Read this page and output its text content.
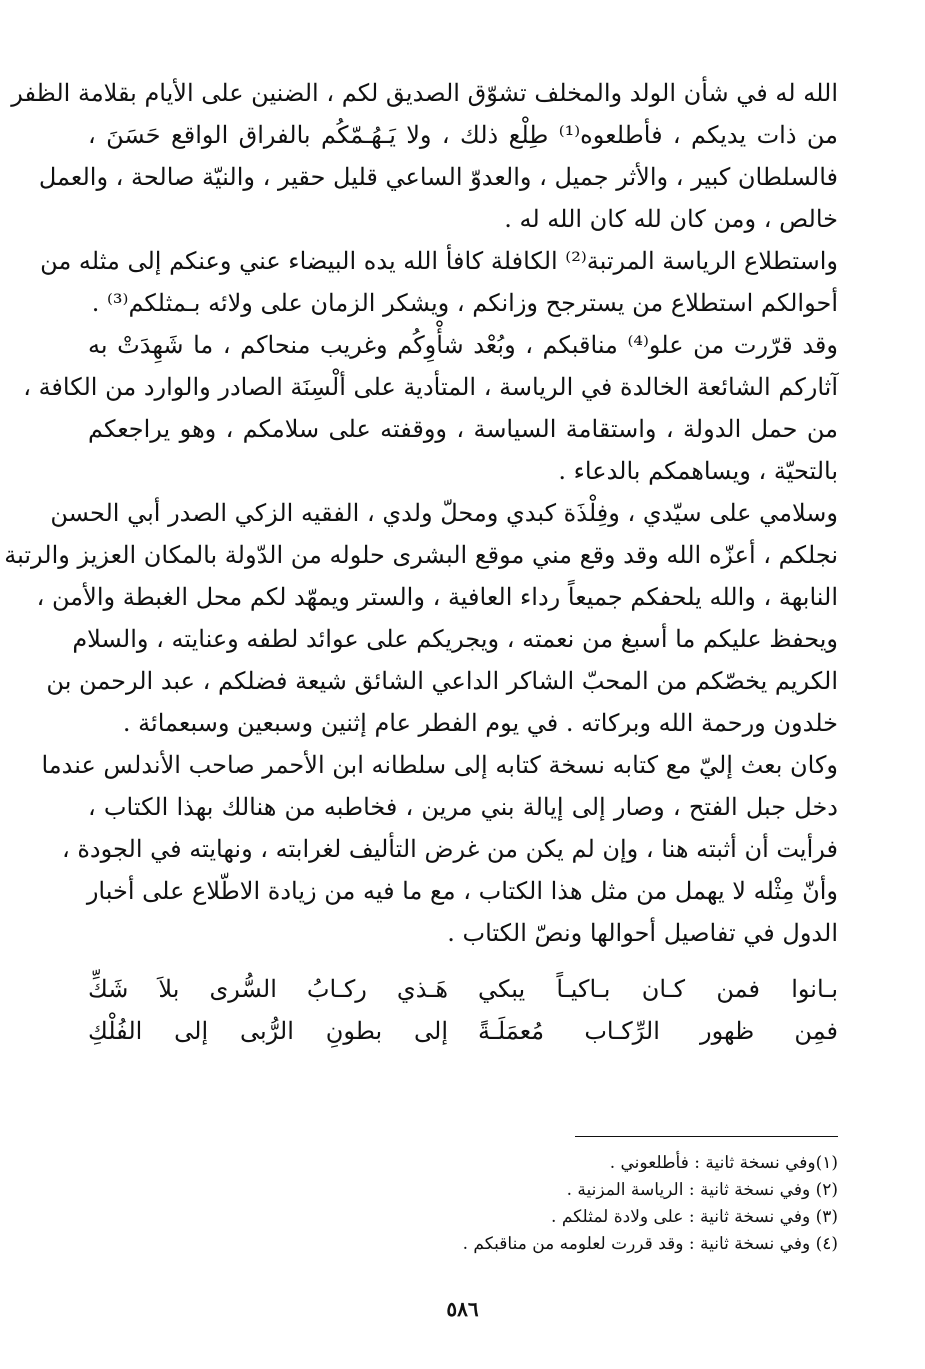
الله له في شأن الولد والمخلف تشوّق الصديق لكم ، الضنين على الأيام بقلامة الظفر
من ذات يديكم ، فأطلعوه⁽¹⁾ طِلْع ذلك ، ولا يَـهُـمّكُم بالفراق الواقع حَسَنَ ،
فالسلطان كبير ، والأثر جميل ، والعدوّ الساعي قليل حقير ، والنيّة صالحة ، والعمل
خالص ، ومن كان لله كان الله له .
واستطلاع الرياسة المرتبة⁽²⁾ الكافلة كافأ الله يده البيضاء عني وعنكم إلى مثله من
أحوالكم استطلاع من يسترجح وزانكم ، ويشكر الزمان على ولائه بـمثلكم⁽³⁾ .
وقد قرّرت من علو⁽⁴⁾ مناقبكم ، وبُعْد شأْوِكُم وغريب منحاكم ، ما شَهِدَتْ به
آثاركم الشائعة الخالدة في الرياسة ، المتأدية على ألْسِنَة الصادر والوارد من الكافة ،
من حمل الدولة ، واستقامة السياسة ، ووقفته على سلامكم ، وهو يراجعكم
بالتحيّة ، ويساهمكم بالدعاء .
وسلامي على سيّدي ، وفِلْذَة كبدي ومحلّ ولدي ، الفقيه الزكي الصدر أبي الحسن
نجلكم ، أعزّه الله وقد وقع مني موقع البشرى حلوله من الدّولة بالمكان العزيز والرتبة
النابهة ، والله يلحفكم جميعاً رداء العافية ، والستر ويمهّد لكم محل الغبطة والأمن ،
ويحفظ عليكم ما أسبغ من نعمته ، ويجريكم على عوائد لطفه وعنايته ، والسلام
الكريم يخصّكم من المحبّ الشاكر الداعي الشائق شيعة فضلكم ، عبد الرحمن بن
خلدون ورحمة الله وبركاته . في يوم الفطر عام إثنين وسبعين وسبعمائة .
وكان بعث إليّ مع كتابه نسخة كتابه إلى سلطانه ابن الأحمر صاحب الأندلس عندما
دخل جبل الفتح ، وصار إلى إيالة بني مرين ، فخاطبه من هنالك بهذا الكتاب ،
فرأيت أن أثبته هنا ، وإن لم يكن من غرض التأليف لغرابته ، ونهايته في الجودة ،
وأنّ مِثْله لا يهمل من مثل هذا الكتاب ، مع ما فيه من زيادة الاطّلاع على أخبار
الدول في تفاصيل أحوالها ونصّ الكتاب .
بـانوا فمن كـان بـاكيـاً يبكي
هَـذي ركـابُ السُّرى بلاَ شَكِّ
فمِن ظهور الرِّكـاب مُعمَلَـةً
إلى بطونِ الرُّبى إلى الفُلْكِ
(١)وفي نسخة ثانية : فأطلعوني .
(٢) وفي نسخة ثانية : الرياسة المزنية .
(٣) وفي نسخة ثانية : على ولادة لمثلكم .
(٤) وفي نسخة ثانية : وقد قررت لعلومه من مناقبكم .
٥٨٦
